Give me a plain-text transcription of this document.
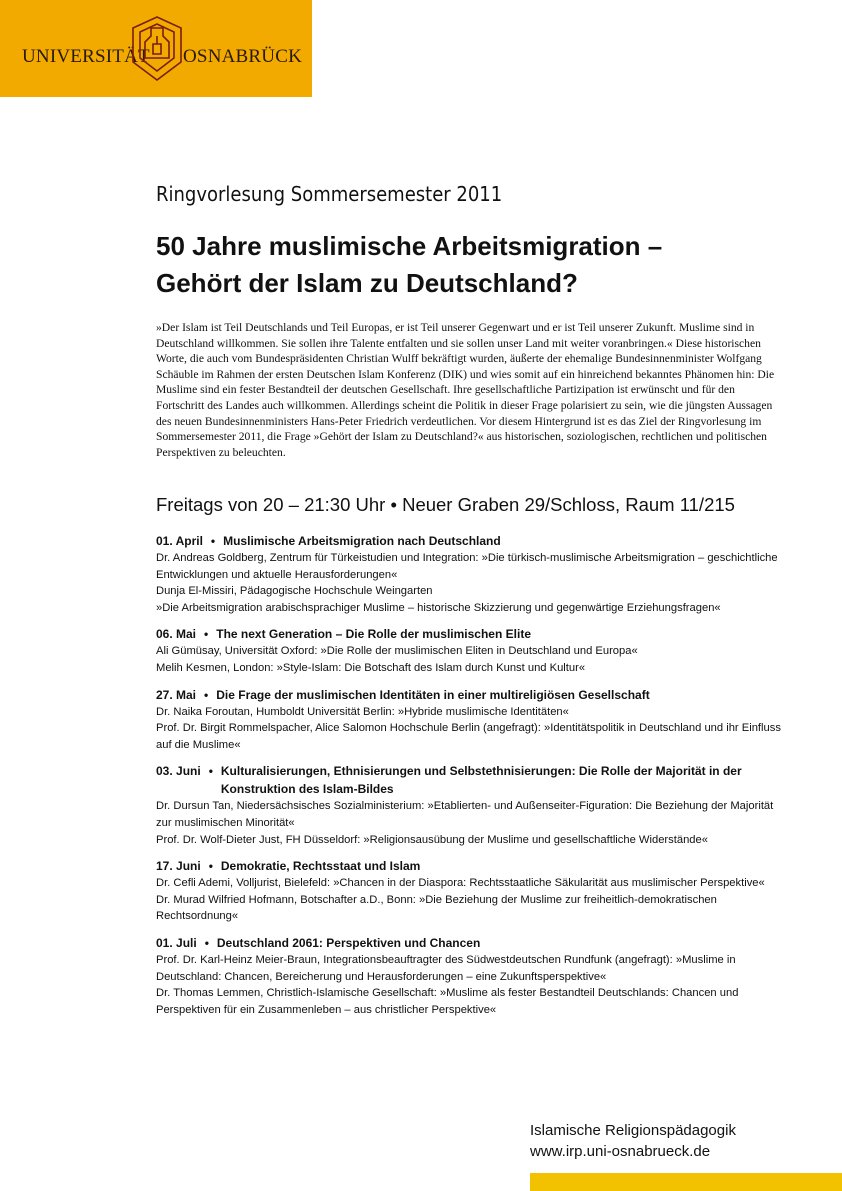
UNIVERSITÄT OSNABRÜCK
Ringvorlesung Sommersemester 2011
50 Jahre muslimische Arbeitsmigration –
Gehört der Islam zu Deutschland?
»Der Islam ist Teil Deutschlands und Teil Europas, er ist Teil unserer Gegenwart und er ist Teil unserer Zukunft. Muslime sind in Deutschland willkommen. Sie sollen ihre Talente entfalten und sie sollen unser Land mit weiter voranbringen.« Diese historischen Worte, die auch vom Bundespräsidenten Christian Wulff bekräftigt wurden, äußerte der ehemalige Bundesinnenminister Wolfgang Schäuble im Rahmen der ersten Deutschen Islam Konferenz (DIK) und wies somit auf ein hinreichend bekanntes Phänomen hin: Die Muslime sind ein fester Bestandteil der deutschen Gesellschaft. Ihre gesellschaftliche Partizipation ist erwünscht und für den Fortschritt des Landes auch willkommen. Allerdings scheint die Politik in dieser Frage polarisiert zu sein, wie die jüngsten Aussagen des neuen Bundesinnenministers Hans-Peter Friedrich verdeutlichen. Vor diesem Hintergrund ist es das Ziel der Ringvorlesung im Sommersemester 2011, die Frage »Gehört der Islam zu Deutschland?« aus historischen, soziologischen, rechtlichen und politischen Perspektiven zu beleuchten.
Freitags von 20 – 21:30 Uhr • Neuer Graben 29/Schloss, Raum 11/215
01. April • Muslimische Arbeitsmigration nach Deutschland
Dr. Andreas Goldberg, Zentrum für Türkeistudien und Integration: »Die türkisch-muslimische Arbeitsmigration – geschichtliche Entwicklungen und aktuelle Herausforderungen«
Dunja El-Missiri, Pädagogische Hochschule Weingarten
»Die Arbeitsmigration arabischsprachiger Muslime – historische Skizzierung und gegenwärtige Erziehungsfragen«
06. Mai • The next Generation – Die Rolle der muslimischen Elite
Ali Gümüsay, Universität Oxford: »Die Rolle der muslimischen Eliten in Deutschland und Europa«
Melih Kesmen, London: »Style-Islam: Die Botschaft des Islam durch Kunst und Kultur«
27. Mai • Die Frage der muslimischen Identitäten in einer multireligiösen Gesellschaft
Dr. Naika Foroutan, Humboldt Universität Berlin: »Hybride muslimische Identitäten«
Prof. Dr. Birgit Rommelspacher, Alice Salomon Hochschule Berlin (angefragt): »Identitätspolitik in Deutschland und ihr Einfluss auf die Muslime«
03. Juni • Kulturalisierungen, Ethnisierungen und Selbstethnisierungen: Die Rolle der Majorität in der Konstruktion des Islam-Bildes
Dr. Dursun Tan, Niedersächsisches Sozialministerium: »Etablierten- und Außenseiter-Figuration: Die Beziehung der Majorität zur muslimischen Minorität«
Prof. Dr. Wolf-Dieter Just, FH Düsseldorf: »Religionsausübung der Muslime und gesellschaftliche Widerstände«
17. Juni • Demokratie, Rechtsstaat und Islam
Dr. Cefli Ademi, Volljurist, Bielefeld: »Chancen in der Diaspora: Rechtsstaatliche Säkularität aus muslimischer Perspektive«
Dr. Murad Wilfried Hofmann, Botschafter a.D., Bonn: »Die Beziehung der Muslime zur freiheitlich-demokratischen Rechtsordnung«
01. Juli • Deutschland 2061: Perspektiven und Chancen
Prof. Dr. Karl-Heinz Meier-Braun, Integrationsbeauftragter des Südwestdeutschen Rundfunk (angefragt): »Muslime in Deutschland: Chancen, Bereicherung und Herausforderungen – eine Zukunftsperspektive«
Dr. Thomas Lemmen, Christlich-Islamische Gesellschaft: »Muslime als fester Bestandteil Deutschlands: Chancen und Perspektiven für ein Zusammenleben – aus christlicher Perspektive«
Islamische Religionspädagogik
www.irp.uni-osnabrueck.de
